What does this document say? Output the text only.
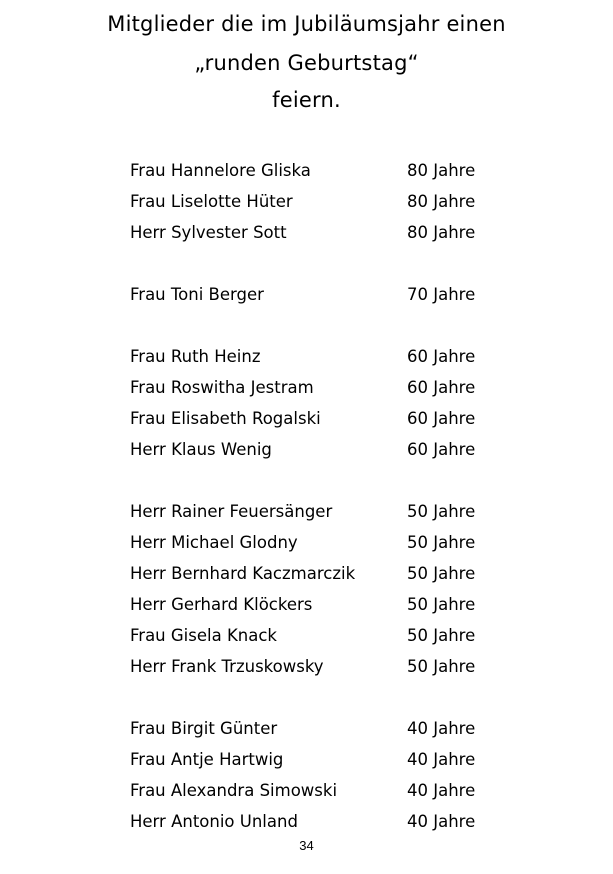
Mitglieder die im Jubiläumsjahr einen
„runden Geburtstag“
feiern.
Frau Hannelore Gliska	80 Jahre
Frau Liselotte Hüter	80 Jahre
Herr Sylvester Sott	80 Jahre
Frau Toni Berger	70 Jahre
Frau Ruth Heinz	60 Jahre
Frau Roswitha Jestram	60 Jahre
Frau Elisabeth Rogalski	60 Jahre
Herr Klaus Wenig	60 Jahre
Herr Rainer Feuersänger	50 Jahre
Herr Michael Glodny	50 Jahre
Herr Bernhard Kaczmarczik	50 Jahre
Herr Gerhard Klöckers	50 Jahre
Frau Gisela Knack	50 Jahre
Herr Frank Trzuskowsky	50 Jahre
Frau Birgit Günter	40 Jahre
Frau Antje Hartwig	40 Jahre
Frau Alexandra Simowski	40 Jahre
Herr Antonio Unland	40 Jahre
34
